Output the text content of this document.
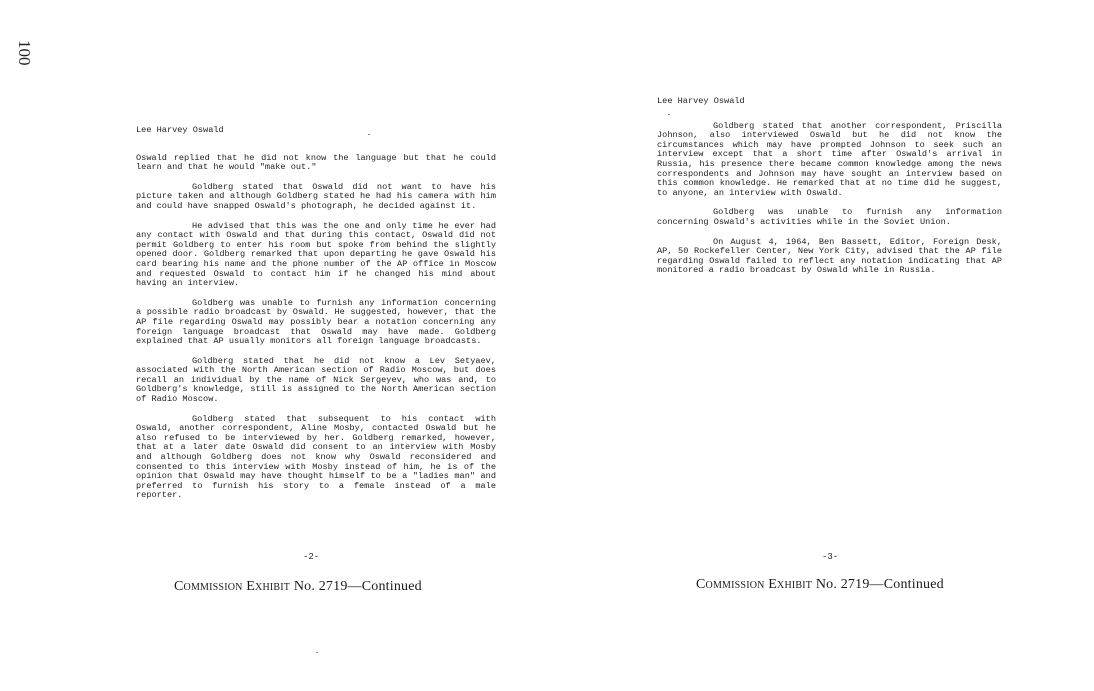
100

Lee Harvey Oswald

Oswald replied that he did not know the language but that he could learn and that he would "make out."

Goldberg stated that Oswald did not want to have his picture taken and although Goldberg stated he had his camera with him and could have snapped Oswald's photograph, he decided against it.

He advised that this was the one and only time he ever had any contact with Oswald and that during this contact, Oswald did not permit Goldberg to enter his room but spoke from behind the slightly opened door. Goldberg remarked that upon departing he gave Oswald his card bearing his name and the phone number of the AP office in Moscow and requested Oswald to contact him if he changed his mind about having an interview.

Goldberg was unable to furnish any information concerning a possible radio broadcast by Oswald. He suggested, however, that the AP file regarding Oswald may possibly bear a notation concerning any foreign language broadcast that Oswald may have made. Goldberg explained that AP usually monitors all foreign language broadcasts.

Goldberg stated that he did not know a Lev Setyaev, associated with the North American section of Radio Moscow, but does recall an individual by the name of Nick Sergeyev, who was and, to Goldberg's knowledge, still is assigned to the North American section of Radio Moscow.

Goldberg stated that subsequent to his contact with Oswald, another correspondent, Aline Mosby, contacted Oswald but he also refused to be interviewed by her. Goldberg remarked, however, that at a later date Oswald did consent to an interview with Mosby and although Goldberg does not know why Oswald reconsidered and consented to this interview with Mosby instead of him, he is of the opinion that Oswald may have thought himself to be a "ladies man" and preferred to furnish his story to a female instead of a male reporter.

-2-
Commission Exhibit No. 2719—Continued

Lee Harvey Oswald

Goldberg stated that another correspondent, Priscilla Johnson, also interviewed Oswald but he did not know the circumstances which may have prompted Johnson to seek such an interview except that a short time after Oswald's arrival in Russia, his presence there became common knowledge among the news correspondents and Johnson may have sought an interview based on this common knowledge. He remarked that at no time did he suggest, to anyone, an interview with Oswald.

Goldberg was unable to furnish any information concerning Oswald's activities while in the Soviet Union.

On August 4, 1964, Ben Bassett, Editor, Foreign Desk, AP, 50 Rockefeller Center, New York City, advised that the AP file regarding Oswald failed to reflect any notation indicating that AP monitored a radio broadcast by Oswald while in Russia.

-3-
Commission Exhibit No. 2719—Continued
